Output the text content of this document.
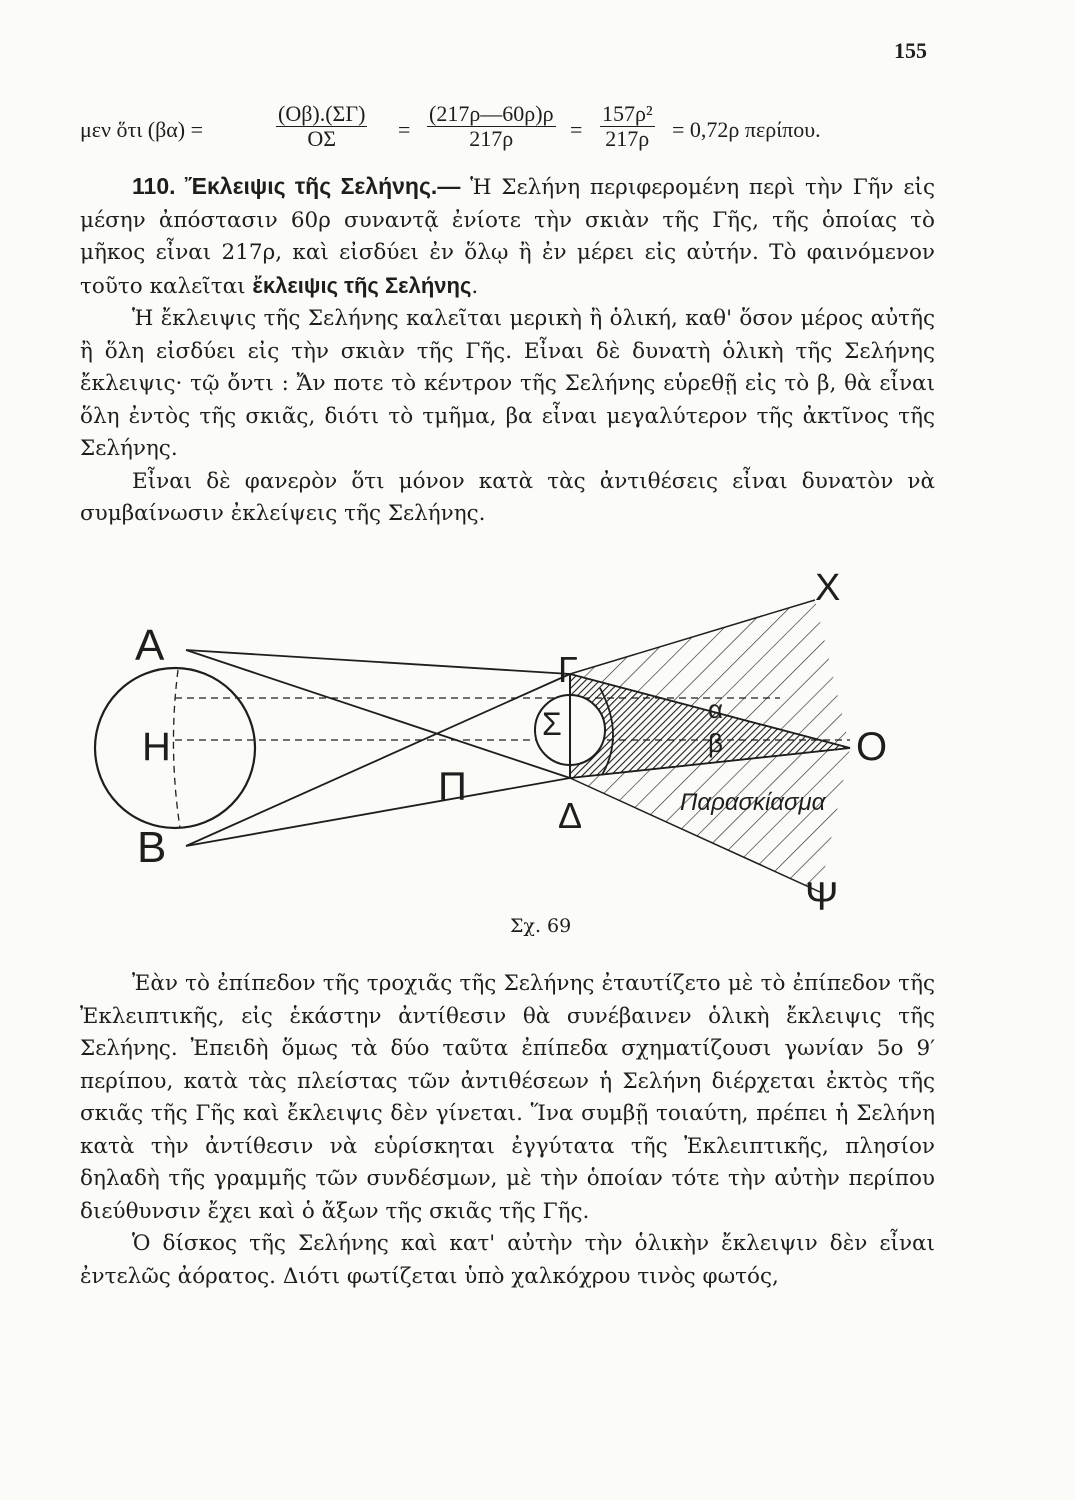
155
μεν ὅτι (βα) =	$\frac{(O\beta).(\Sigma\Gamma)}{O\Sigma} = \frac{(217\rho—60\rho)\rho}{217\rho} = \frac{\text{157ρ²}}{217\rho} = 0,72\rho$ περίπου.

110. Ἔκλειψις τῆς Σελήνης.— Ἡ Σελήνη περιφερομένη περὶ τὴν Γῆν εἰς μέσην ἀπόστασιν 60ρ συναντᾷ ἐνίοτε τὴν σκιὰν τῆς Γῆς, τῆς ὁποίας τὸ μῆκος εἶναι 217ρ, καὶ εἰσδύει ἐν ὅλῳ ἢ ἐν μέρει εἰς αὐτήν. Τὸ φαινόμενον τοῦτο καλεῖται ἔκλειψις τῆς Σελήνης.

Ἡ ἔκλειψις τῆς Σελήνης καλεῖται μερικὴ ἢ ὁλική, καθ' ὅσον μέρος αὐτῆς ἢ ὅλη εἰσδύει εἰς τὴν σκιὰν τῆς Γῆς. Εἶναι δὲ δυνατὴ ὁλικὴ τῆς Σελήνης ἔκλειψις· τῷ ὄντι : Ἄν ποτε τὸ κέντρον τῆς Σελήνης εὑρεθῇ εἰς τὸ β, θὰ εἶναι ὅλη ἐντὸς τῆς σκιᾶς, διότι τὸ τμῆμα, βα εἶναι μεγαλύτερον τῆς ἀκτῖνος τῆς Σελήνης.

Εἶναι δὲ φανερὸν ὅτι μόνον κατὰ τὰς ἀντιθέσεις εἶναι δυνατὸν νὰ συμβαίνωσιν ἐκλείψεις τῆς Σελήνης.

Α
Β
Η
Π
Γ
Δ
Σ
Ο
Χ
Ψ
α
β
Παρασκίασμα
Σχ. 69

Ἐὰν τὸ ἐπίπεδον τῆς τροχιᾶς τῆς Σελήνης ἐταυτίζετο μὲ τὸ ἐπίπεδον τῆς Ἐκλειπτικῆς, εἰς ἑκάστην ἀντίθεσιν θὰ συνέβαινεν ὁλικὴ ἔκλειψις τῆς Σελήνης. Ἐπειδὴ ὅμως τὰ δύο ταῦτα ἐπίπεδα σχηματίζουσι γωνίαν 5ο 9′ περίπου, κατὰ τὰς πλείστας τῶν ἀντιθέσεων ἡ Σελήνη διέρχεται ἐκτὸς τῆς σκιᾶς τῆς Γῆς καὶ ἔκλειψις δὲν γίνεται. Ἵνα συμβῇ τοιαύτη, πρέπει ἡ Σελήνη κατὰ τὴν ἀντίθεσιν νὰ εὑρίσκηται ἐγγύτατα τῆς Ἐκλειπτικῆς, πλησίον δηλαδὴ τῆς γραμμῆς τῶν συνδέσμων, μὲ τὴν ὁποίαν τότε τὴν αὐτὴν περίπου διεύθυνσιν ἔχει καὶ ὁ ἄξων τῆς σκιᾶς τῆς Γῆς.

Ὁ δίσκος τῆς Σελήνης καὶ κατ' αὐτὴν τὴν ὁλικὴν ἔκλειψιν δὲν εἶναι ἐντελῶς ἀόρατος. Διότι φωτίζεται ὑπὸ χαλκόχρου τινὸς φωτός,
